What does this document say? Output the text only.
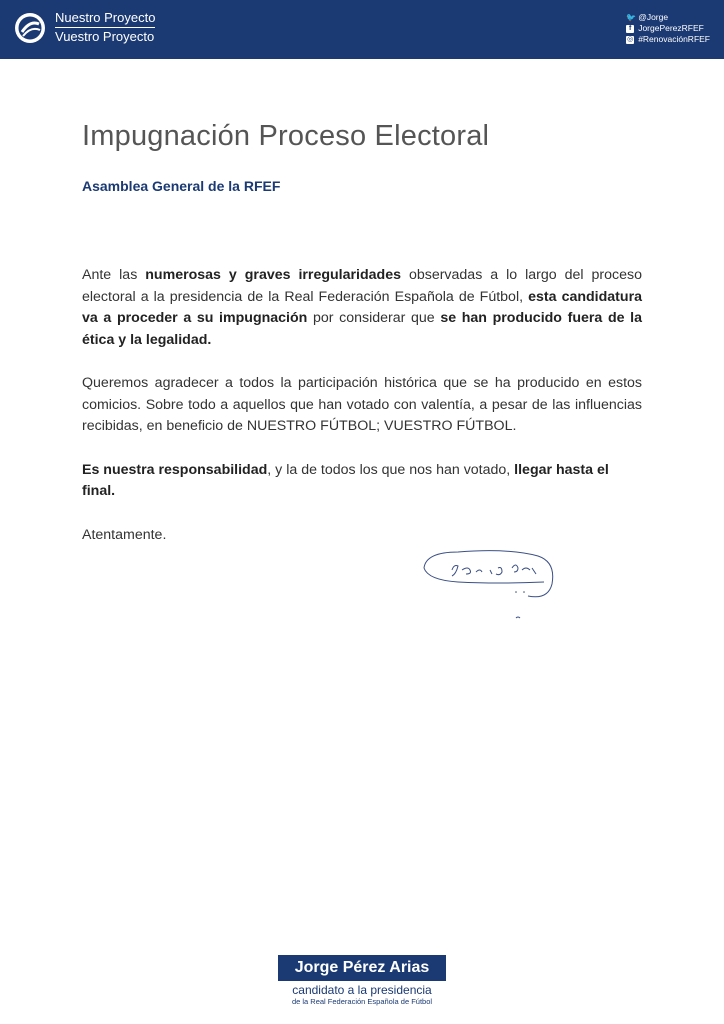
Nuestro Proyecto
Vuestro Proyecto
🐦 @Jorge
f JorgePerezRFEF
◎ #RenovaciónRFEF
Impugnación Proceso Electoral
Asamblea General de la RFEF

Ante las numerosas y graves irregularidades observadas a lo largo del proceso electoral a la presidencia de la Real Federación Española de Fútbol, esta candidatura va a proceder a su impugnación por considerar que se han producido fuera de la ética y la legalidad.

Queremos agradecer a todos la participación histórica que se ha producido en estos comicios. Sobre todo a aquellos que han votado con valentía, a pesar de las influencias recibidas, en beneficio de NUESTRO FÚTBOL; VUESTRO FÚTBOL.

Es nuestra responsabilidad, y la de todos los que nos han votado, llegar hasta el final.

Atentamente.

Jorge Pérez Arias
candidato a la presidencia
de la Real Federación Española de Fútbol
